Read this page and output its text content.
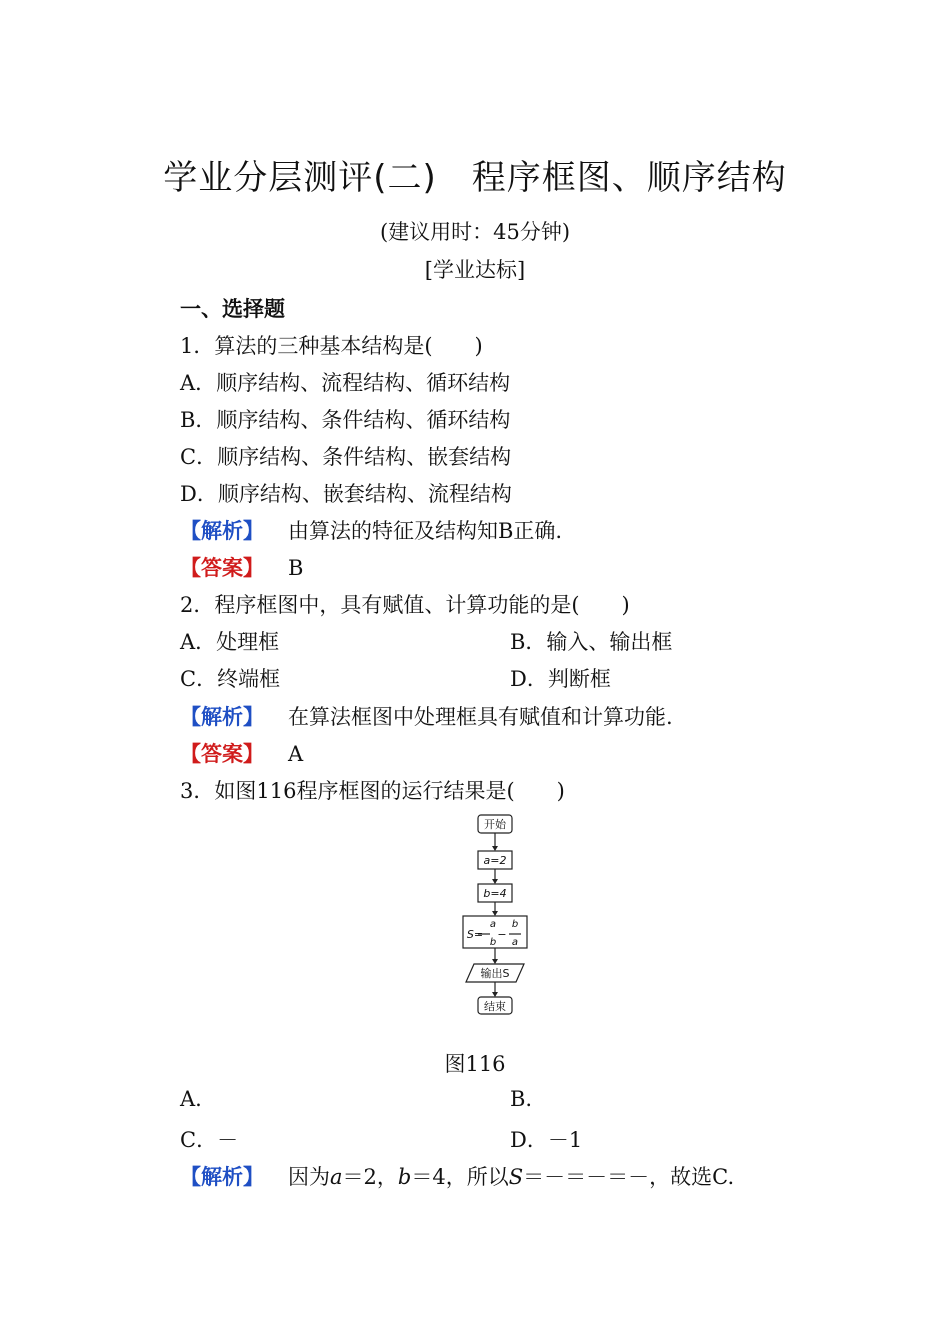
学业分层测评(二)　程序框图、顺序结构
(建议用时：45分钟)
[学业达标]
一、选择题
1．算法的三种基本结构是(　　)
A．顺序结构、流程结构、循环结构
B．顺序结构、条件结构、循环结构
C．顺序结构、条件结构、嵌套结构
D．顺序结构、嵌套结构、流程结构
【解析】 由算法的特征及结构知B正确.
【答案】 B
2．程序框图中，具有赋值、计算功能的是(　　)
A．处理框	B．输入、输出框
C．终端框	D．判断框
【解析】 在算法框图中处理框具有赋值和计算功能.
【答案】 A
3．如图116程序框图的运行结果是(　　)
开始
a=2
b=4
S=
a
b
−
b
a
输出S
结束
图116
A.	B.
C．－	D．－1
【解析】 因为a＝2，b＝4，所以S＝－＝－＝－，故选C.
